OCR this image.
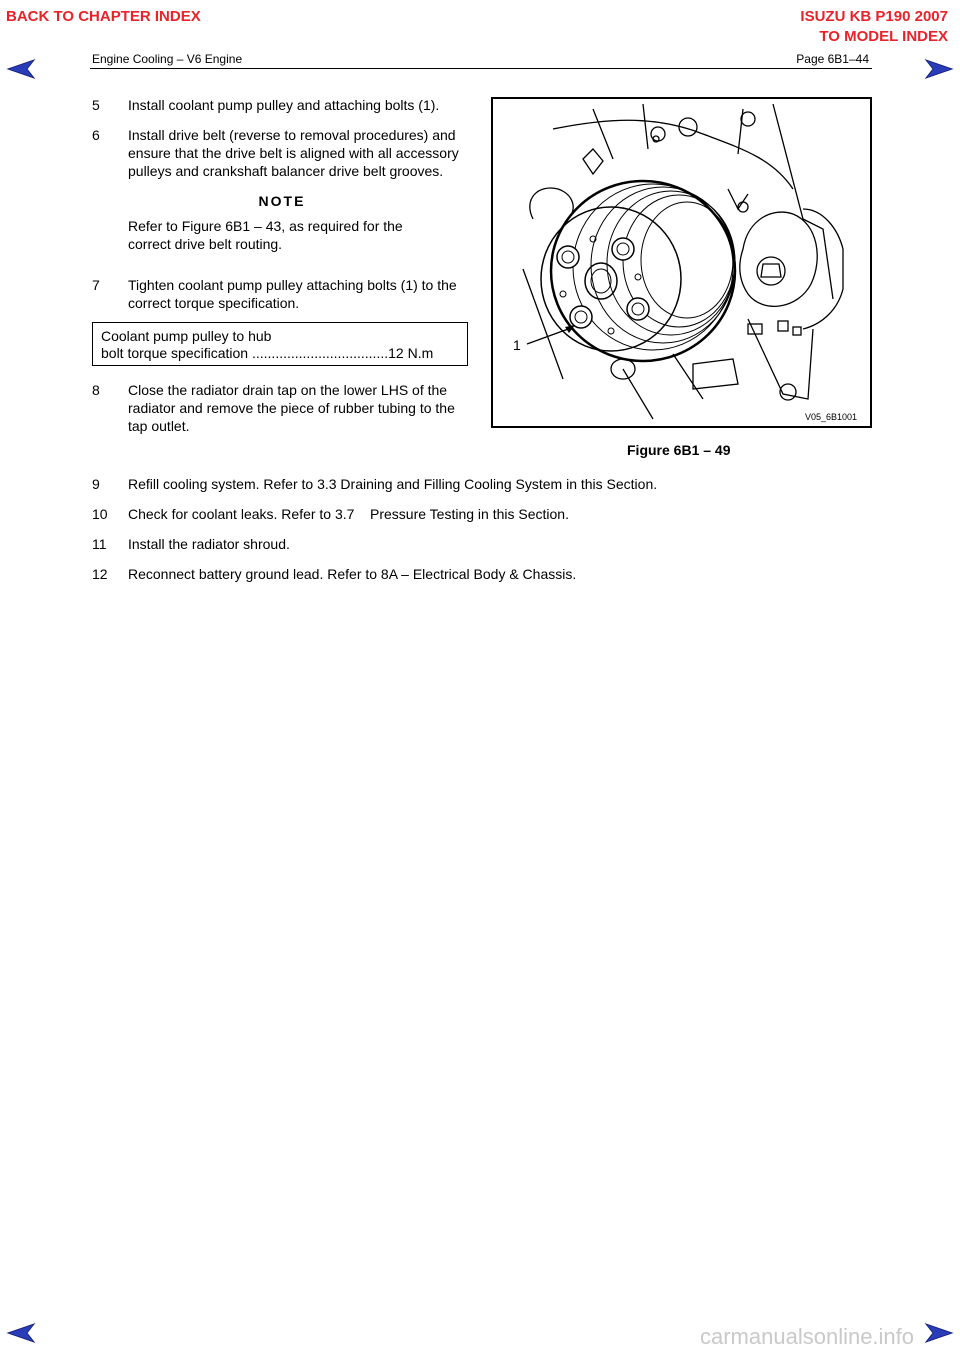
BACK TO CHAPTER INDEX	ISUZU KB P190 2007
TO MODEL INDEX
Engine Cooling – V6 Engine	Page 6B1–44
5 Install coolant pump pulley and attaching bolts (1).
6 Install drive belt (reverse to removal procedures) and
ensure that the drive belt is aligned with all accessory
pulleys and crankshaft balancer drive belt grooves.
NOTE
Refer to Figure 6B1 – 43, as required for the
correct drive belt routing.
7 Tighten coolant pump pulley attaching bolts (1) to the
correct torque specification.
Coolant pump pulley to hub
bolt torque specification ...................................12 N.m
8 Close the radiator drain tap on the lower LHS of the
radiator and remove the piece of rubber tubing to the
tap outlet.
1
V05_6B1001
Figure 6B1 – 49
9 Refill cooling system. Refer to 3.3 Draining and Filling Cooling System in this Section.
10 Check for coolant leaks. Refer to 3.7    Pressure Testing in this Section.
11 Install the radiator shroud.
12 Reconnect battery ground lead. Refer to 8A – Electrical Body & Chassis.
carmanualsonline.info
